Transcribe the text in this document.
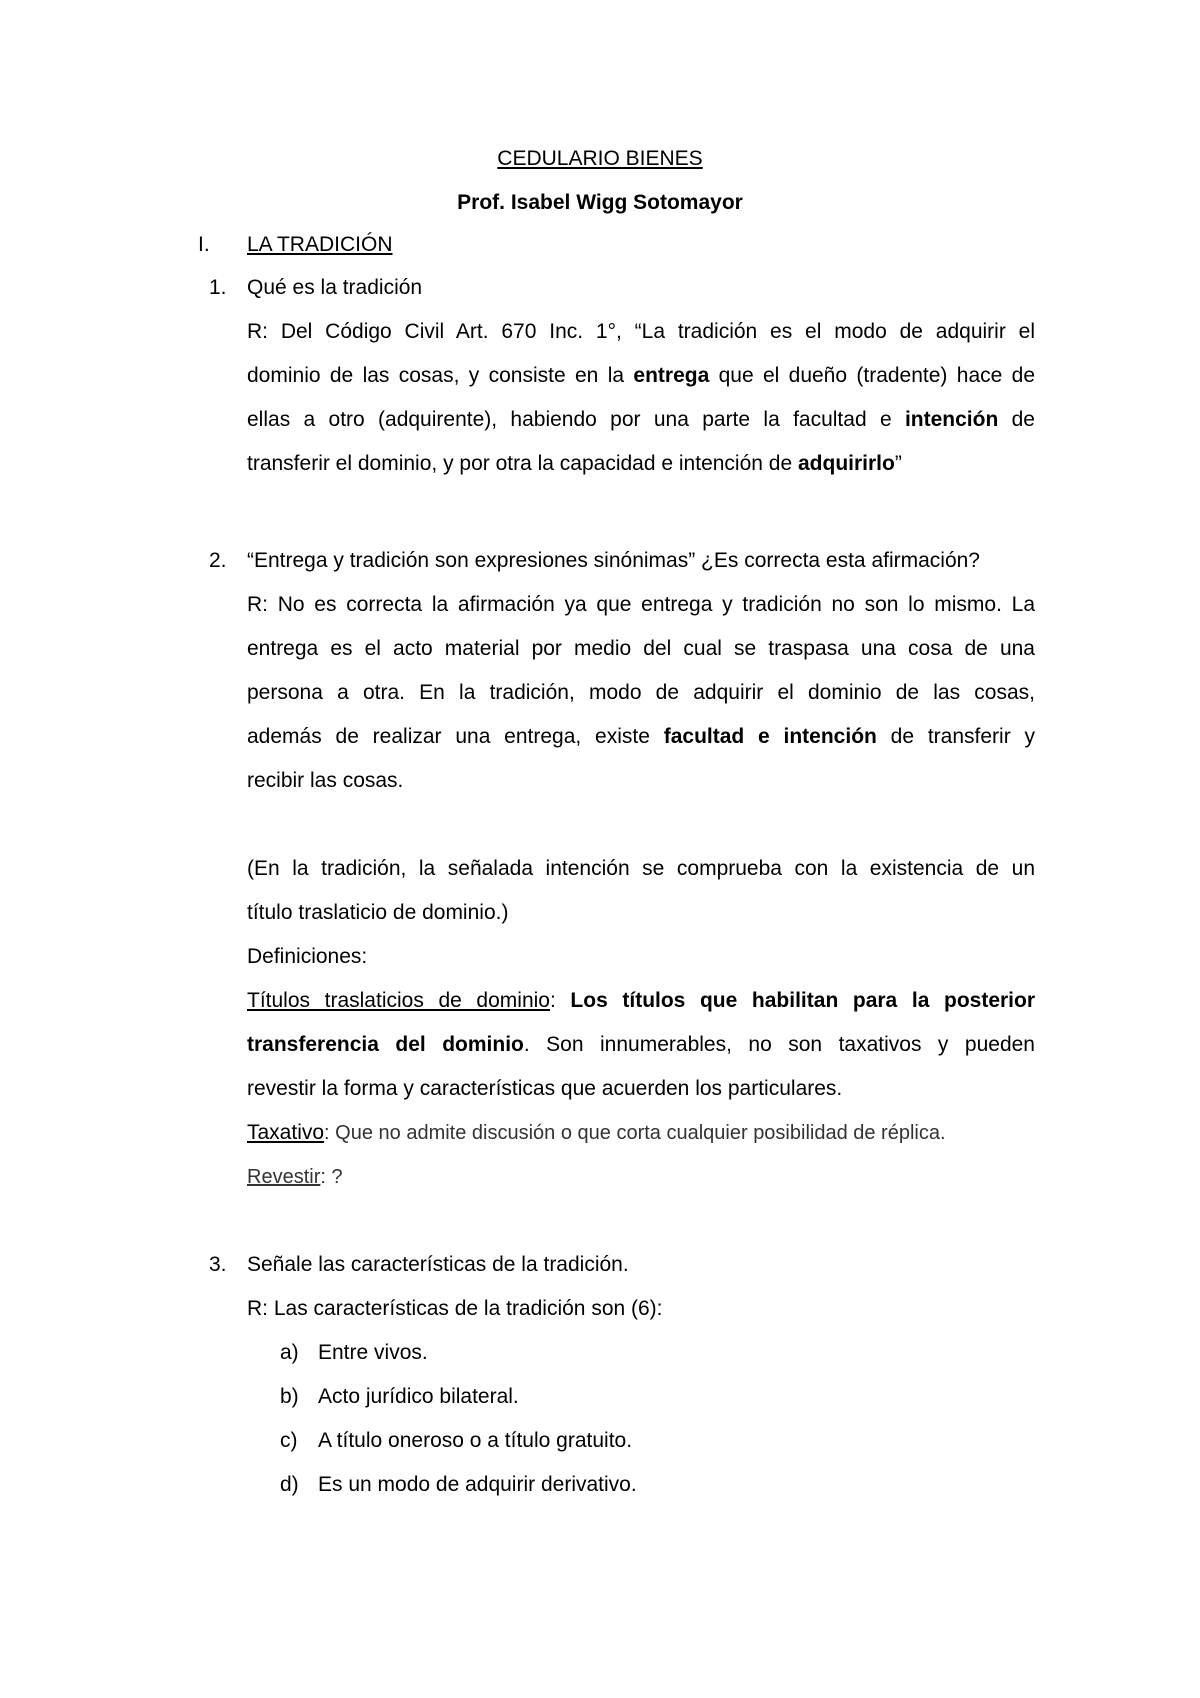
CEDULARIO BIENES
Prof. Isabel Wigg Sotomayor
I. LA TRADICIÓN
1. Qué es la tradición
R: Del Código Civil Art. 670 Inc. 1°, “La tradición es el modo de adquirir el
dominio de las cosas, y consiste en la entrega que el dueño (tradente) hace de
ellas a otro (adquirente), habiendo por una parte la facultad e intención de
transferir el dominio, y por otra la capacidad e intención de adquirirlo”
2. “Entrega y tradición son expresiones sinónimas” ¿Es correcta esta afirmación?
R: No es correcta la afirmación ya que entrega y tradición no son lo mismo. La
entrega es el acto material por medio del cual se traspasa una cosa de una
persona a otra. En la tradición, modo de adquirir el dominio de las cosas,
además de realizar una entrega, existe facultad e intención de transferir y
recibir las cosas.
(En la tradición, la señalada intención se comprueba con la existencia de un
título traslaticio de dominio.)
Definiciones:
Títulos traslaticios de dominio: Los títulos que habilitan para la posterior
transferencia del dominio. Son innumerables, no son taxativos y pueden
revestir la forma y características que acuerden los particulares.
Taxativo: Que no admite discusión o que corta cualquier posibilidad de réplica.
Revestir: ?
3. Señale las características de la tradición.
R: Las características de la tradición son (6):
a) Entre vivos.
b) Acto jurídico bilateral.
c) A título oneroso o a título gratuito.
d) Es un modo de adquirir derivativo.
